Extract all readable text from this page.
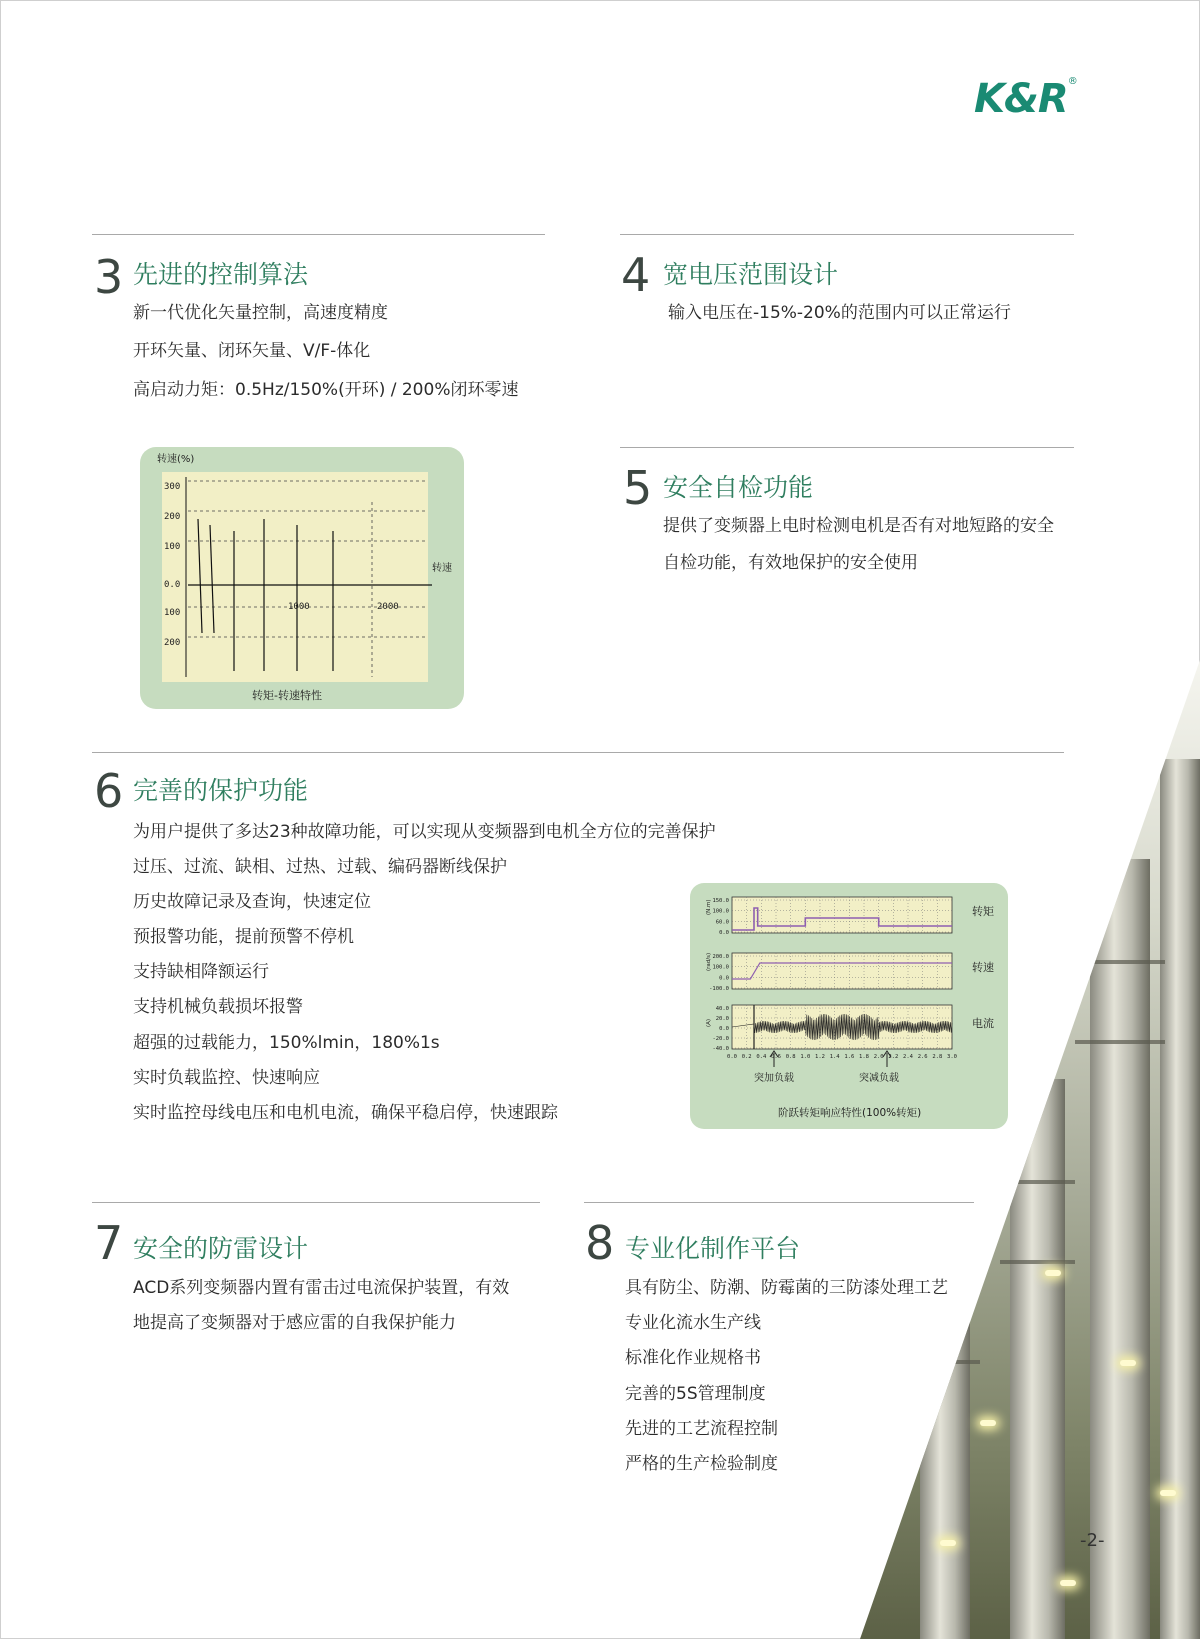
K&R®
3 先进的控制算法
新一代优化矢量控制，高速度精度
开环矢量、闭环矢量、V/F-体化
高启动力矩：0.5Hz/150%(开环) / 200%闭环零速
4 宽电压范围设计
输入电压在-15%-20%的范围内可以正常运行
5 安全自检功能
提供了变频器上电时检测电机是否有对地短路的安全
自检功能，有效地保护的安全使用
转速(%)
300
200
100
0.0
100
200
1000	2000
转速
转矩-转速特性
6 完善的保护功能
为用户提供了多达23种故障功能，可以实现从变频器到电机全方位的完善保护
过压、过流、缺相、过热、过载、编码器断线保护
历史故障记录及查询，快速定位
预报警功能，提前预警不停机
支持缺相降额运行
支持机械负载损坏报警
超强的过载能力，150%lmin，180%1s
实时负载监控、快速响应
实时监控母线电压和电机电流，确保平稳启停，快速跟踪
150.0
100.0
60.0
0.0
(N.m)	转矩
200.0
100.0
0.0
-100.0
(rad/s)	转速
40.0
20.0
0.0
-20.0
-40.0
(A)	电流
0.0 0.2 0.4 0.6 0.8 1.0 1.2 1.4 1.6 1.8 2.0 2.2 2.4 2.6 2.8 3.0
突加负载	突减负载
阶跃转矩响应特性(100%转矩)
7 安全的防雷设计
ACD系列变频器内置有雷击过电流保护装置，有效
地提高了变频器对于感应雷的自我保护能力
8 专业化制作平台
具有防尘、防潮、防霉菌的三防漆处理工艺
专业化流水生产线
标准化作业规格书
完善的5S管理制度
先进的工艺流程控制
严格的生产检验制度
-2-
